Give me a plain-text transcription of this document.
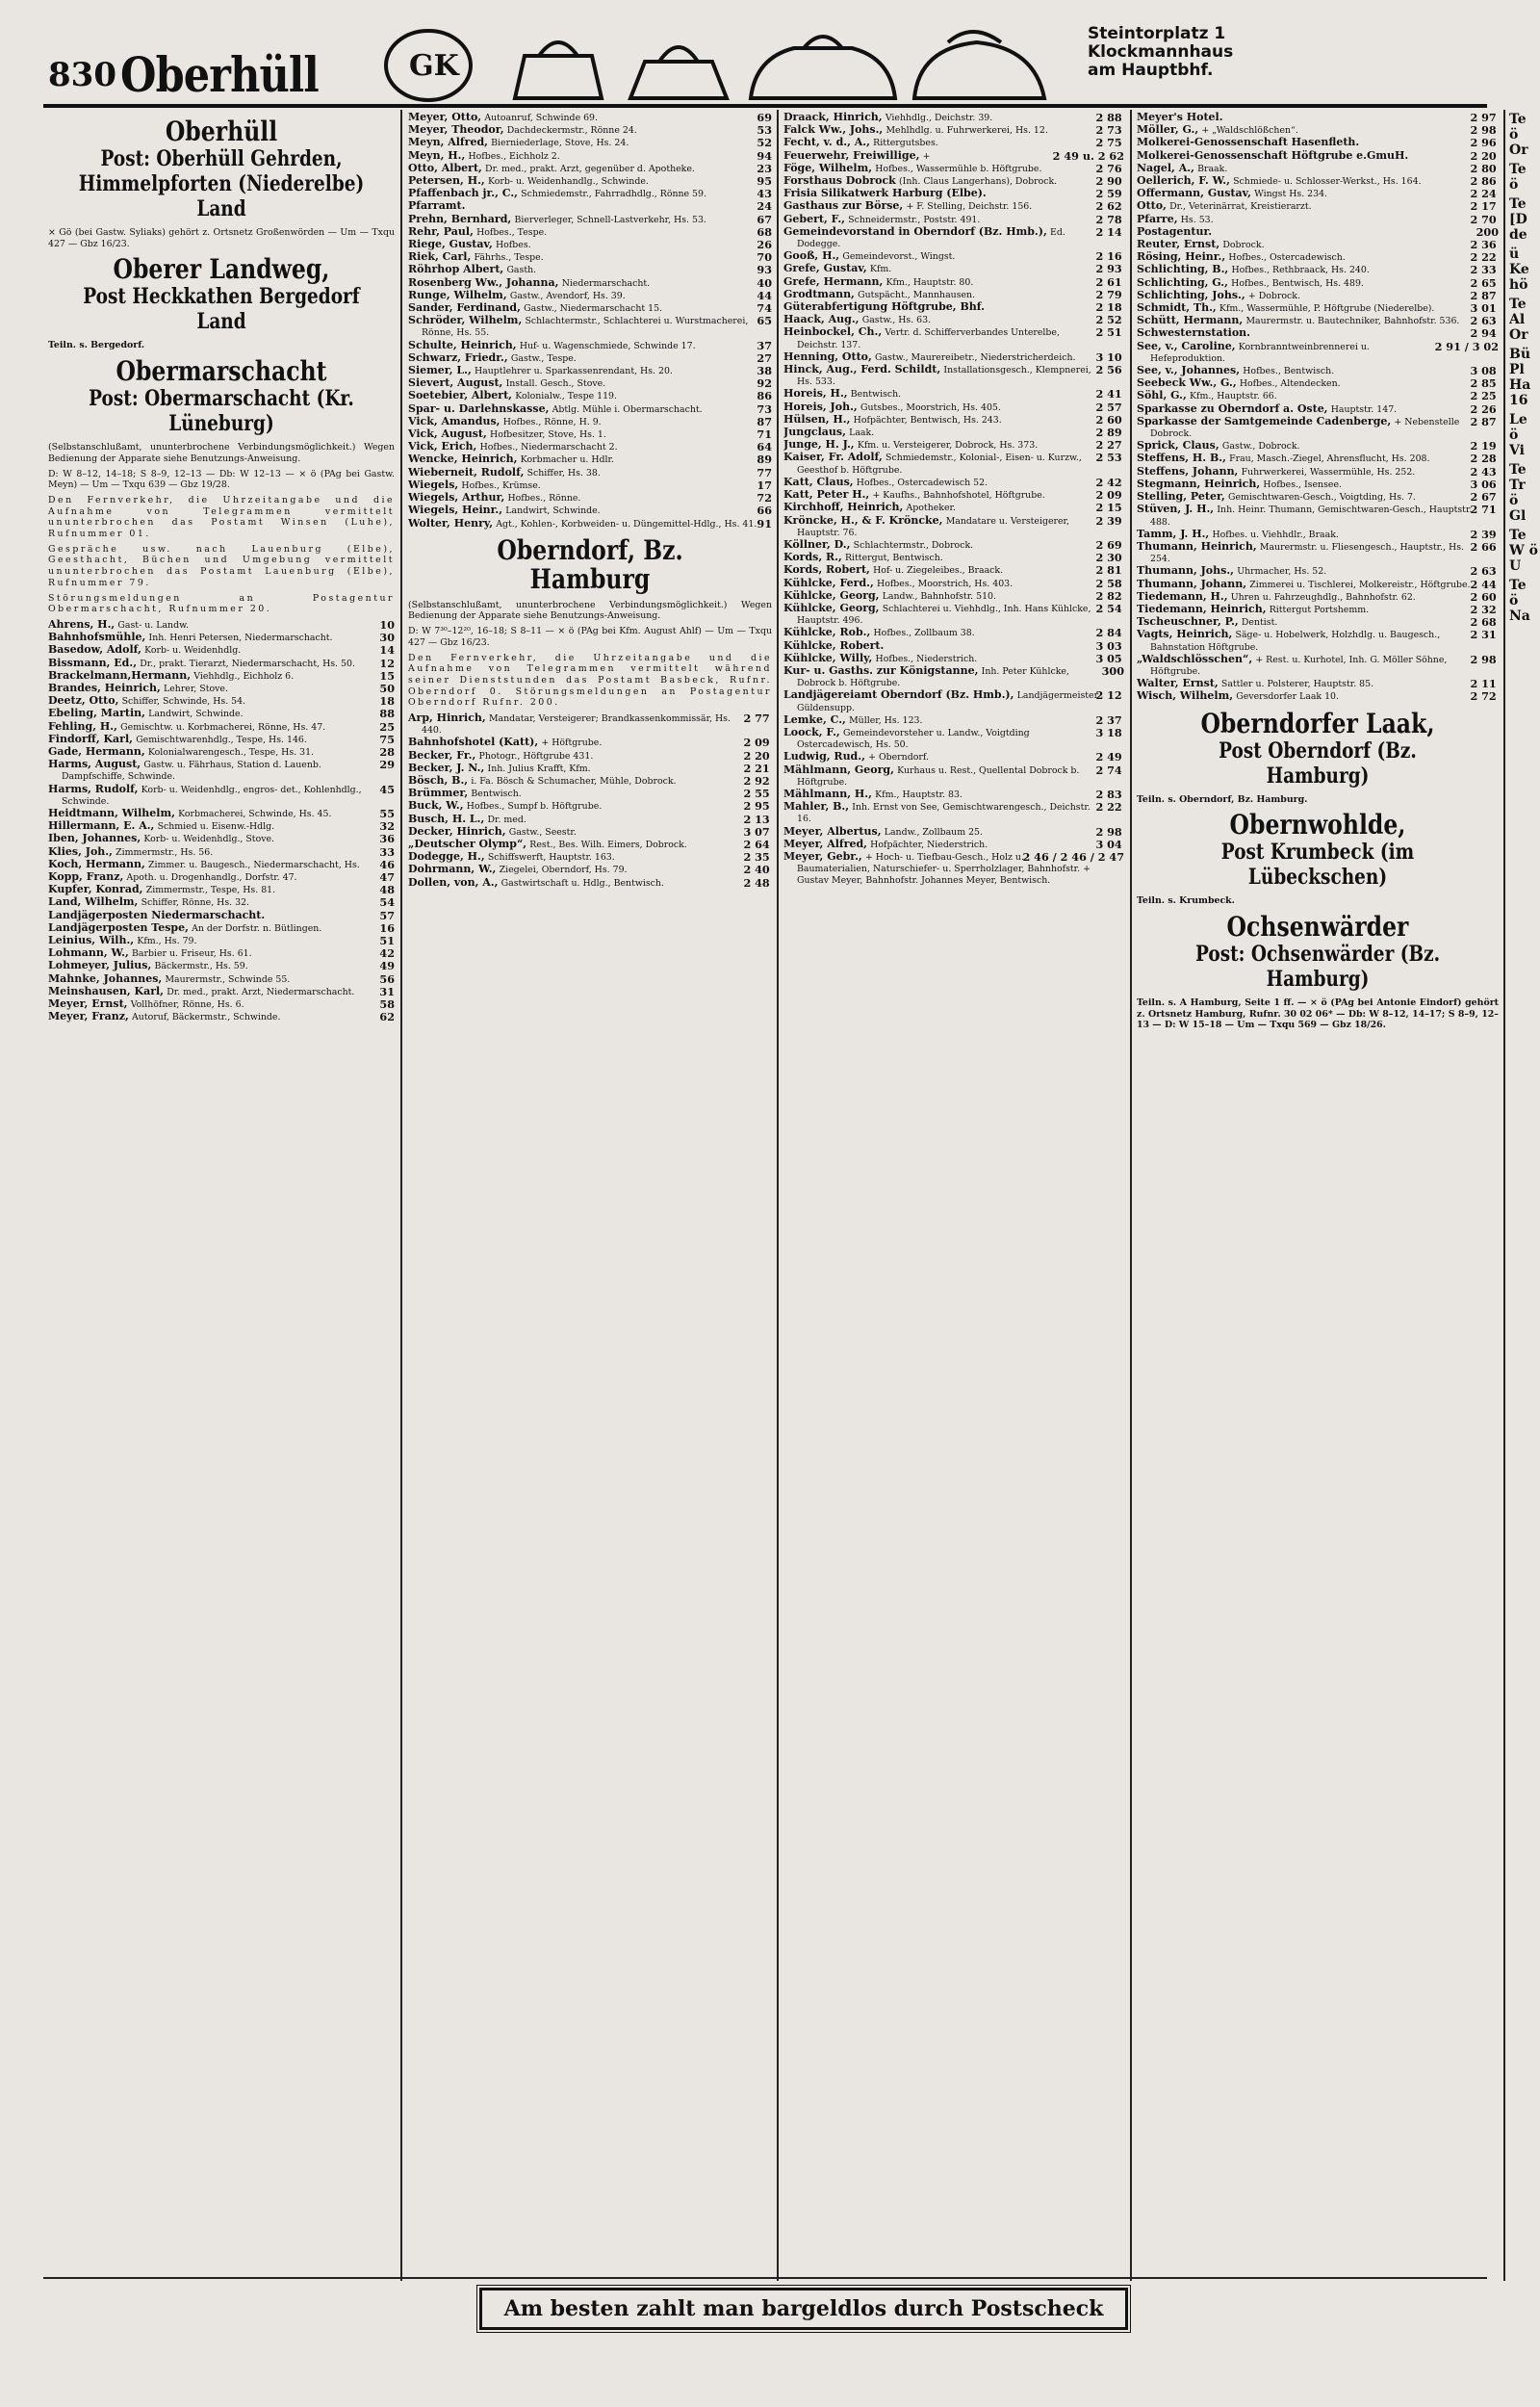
830 Oberhüll	GK
Steintorplatz 1
Klockmannhaus
am Hauptbhf.
Oberhüll
Post: Oberhüll Gehrden, Himmelpforten (Niederelbe) Land
× Gö (bei Gastw. Syliaks) gehört z. Ortsnetz Großenwörden — Um — Txqu 427 — Gbz 16/23.
Oberer Landweg,
Post Heckkathen Bergedorf Land
Teiln. s. Bergedorf.
Obermarschacht
Post: Obermarschacht (Kr. Lüneburg)
(Selbstanschlußamt, ununterbrochene Verbindungsmöglichkeit.) Wegen Bedienung der Apparate siehe Benutzungs-Anweisung.
D: W 8–12, 14–18; S 8–9, 12–13 — Db: W 12–13 — × ö (PAg bei Gastw. Meyn) — Um — Txqu 639 — Gbz 19/28.
Den Fernverkehr, die Uhrzeitangabe und die Aufnahme von Telegrammen vermittelt ununterbrochen das Postamt Winsen (Luhe), Rufnummer 01.
Gespräche usw. nach Lauenburg (Elbe), Geesthacht, Büchen und Umgebung vermittelt ununterbrochen das Postamt Lauenburg (Elbe), Rufnummer 79.
Störungsmeldungen an Postagentur Obermarschacht, Rufnummer 20.
10
Ahrens, H., Gast- u. Landw.
30
Bahnhofsmühle, Inh. Henri Petersen, Niedermarschacht.
14
Basedow, Adolf, Korb- u. Weidenhdlg.
12
Bissmann, Ed., Dr., prakt. Tierarzt, Niedermarschacht, Hs. 50.
15
Brackelmann,Hermann, Viehhdlg., Eichholz 6.
50
Brandes, Heinrich, Lehrer, Stove.
18
Deetz, Otto, Schiffer, Schwinde, Hs. 54.
88
Ebeling, Martin, Landwirt, Schwinde.
25
Fehling, H., Gemischtw. u. Korbmacherei, Rönne, Hs. 47.
75
Findorff, Karl, Gemischtwarenhdlg., Tespe, Hs. 146.
28
Gade, Hermann, Kolonialwarengesch., Tespe, Hs. 31.
29
Harms, August, Gastw. u. Fährhaus, Station d. Lauenb. Dampfschiffe, Schwinde.
45
Harms, Rudolf, Korb- u. Weidenhdlg., engros- det., Kohlenhdlg., Schwinde.
55
Heidtmann, Wilhelm, Korbmacherei, Schwinde, Hs. 45.
32
Hillermann, E. A., Schmied u. Eisenw.-Hdlg.
36
Iben, Johannes, Korb- u. Weidenhdlg., Stove.
33
Klies, Joh., Zimmermstr., Hs. 56.
46
Koch, Hermann, Zimmer. u. Baugesch., Niedermarschacht, Hs.
47
Kopp, Franz, Apoth. u. Drogenhandlg., Dorfstr. 47.
48
Kupfer, Konrad, Zimmermstr., Tespe, Hs. 81.
54
Land, Wilhelm, Schiffer, Rönne, Hs. 32.
57
Landjägerposten Niedermarschacht.
16
Landjägerposten Tespe, An der Dorfstr. n. Bütlingen.
51
Leinius, Wilh., Kfm., Hs. 79.
42
Lohmann, W., Barbier u. Friseur, Hs. 61.
49
Lohmeyer, Julius, Bäckermstr., Hs. 59.
56
Mahnke, Johannes, Maurermstr., Schwinde 55.
31
Meinshausen, Karl, Dr. med., prakt. Arzt, Niedermarschacht.
58
Meyer, Ernst, Vollhöfner, Rönne, Hs. 6.
62
Meyer, Franz, Autoruf, Bäckermstr., Schwinde.
69
Meyer, Otto, Autoanruf, Schwinde 69.
53
Meyer, Theodor, Dachdeckermstr., Rönne 24.
52
Meyn, Alfred, Bierniederlage, Stove, Hs. 24.
94
Meyn, H., Hofbes., Eichholz 2.
23
Otto, Albert, Dr. med., prakt. Arzt, gegenüber d. Apotheke.
95
Petersen, H., Korb- u. Weidenhandlg., Schwinde.
43
Pfaffenbach jr., C., Schmiedemstr., Fahrradhdlg., Rönne 59.
24
Pfarramt.
67
Prehn, Bernhard, Bierverleger, Schnell-Lastverkehr, Hs. 53.
68
Rehr, Paul, Hofbes., Tespe.
26
Riege, Gustav, Hofbes.
70
Riek, Carl, Fährhs., Tespe.
93
Röhrhop Albert, Gasth.
40
Rosenberg Ww., Johanna, Niedermarschacht.
44
Runge, Wilhelm, Gastw., Avendorf, Hs. 39.
74
Sander, Ferdinand, Gastw., Niedermarschacht 15.
65
Schröder, Wilhelm, Schlachtermstr., Schlachterei u. Wurstmacherei, Rönne, Hs. 55.
37
Schulte, Heinrich, Huf- u. Wagenschmiede, Schwinde 17.
27
Schwarz, Friedr., Gastw., Tespe.
38
Siemer, L., Hauptlehrer u. Sparkassenrendant, Hs. 20.
92
Sievert, August, Install. Gesch., Stove.
86
Soetebier, Albert, Kolonialw., Tespe 119.
73
Spar- u. Darlehnskasse, Abtlg. Mühle i. Obermarschacht.
87
Vick, Amandus, Hofbes., Rönne, H. 9.
71
Vick, August, Hofbesitzer, Stove, Hs. 1.
64
Vick, Erich, Hofbes., Niedermarschacht 2.
89
Wencke, Heinrich, Korbmacher u. Hdlr.
77
Wieberneit, Rudolf, Schiffer, Hs. 38.
17
Wiegels, Hofbes., Krümse.
72
Wiegels, Arthur, Hofbes., Rönne.
66
Wiegels, Heinr., Landwirt, Schwinde.
91
Wolter, Henry, Agt., Kohlen-, Korbweiden- u. Düngemittel-Hdlg., Hs. 41.
Oberndorf, Bz. Hamburg
(Selbstanschlußamt, ununterbrochene Verbindungsmöglichkeit.) Wegen Bedienung der Apparate siehe Benutzungs-Anweisung.
D: W 7³⁰–12²⁰, 16–18; S 8–11 — × ö (PAg bei Kfm. August Ahlf) — Um — Txqu 427 — Gbz 16/23.
Den Fernverkehr, die Uhrzeitangabe und die Aufnahme von Telegrammen vermittelt während seiner Dienststunden das Postamt Basbeck, Rufnr. Oberndorf 0. Störungsmeldungen an Postagentur Oberndorf Rufnr. 200.
2 77
Arp, Hinrich, Mandatar, Versteigerer; Brandkassenkommissär, Hs. 440.
2 09
Bahnhofshotel (Katt), + Höftgrube.
2 20
Becker, Fr., Photogr., Höftgrube 431.
2 21
Becker, J. N., Inh. Julius Krafft, Kfm.
2 92
Bösch, B., i. Fa. Bösch & Schumacher, Mühle, Dobrock.
2 55
Brümmer, Bentwisch.
2 95
Buck, W., Hofbes., Sumpf b. Höftgrube.
2 13
Busch, H. L., Dr. med.
3 07
Decker, Hinrich, Gastw., Seestr.
2 64
„Deutscher Olymp“, Rest., Bes. Wilh. Eimers, Dobrock.
2 35
Dodegge, H., Schiffswerft, Hauptstr. 163.
2 40
Dohrmann, W., Ziegelei, Oberndorf, Hs. 79.
2 48
Dollen, von, A., Gastwirtschaft u. Hdlg., Bentwisch.
2 88
Draack, Hinrich, Viehhdlg., Deichstr. 39.
2 73
Falck Ww., Johs., Mehlhdlg. u. Fuhrwerkerei, Hs. 12.
2 75
Fecht, v. d., A., Rittergutsbes.
2 49 u. 2 62
Feuerwehr, Freiwillige, +
2 76
Föge, Wilhelm, Hofbes., Wassermühle b. Höftgrube.
2 90
Forsthaus Dobrock (Inh. Claus Langerhans), Dobrock.
2 59
Frisia Silikatwerk Harburg (Elbe).
2 62
Gasthaus zur Börse, + F. Stelling, Deichstr. 156.
2 78
Gebert, F., Schneidermstr., Poststr. 491.
2 14
Gemeindevorstand in Oberndorf (Bz. Hmb.), Ed. Dodegge.
2 16
Gooß, H., Gemeindevorst., Wingst.
2 93
Grefe, Gustav, Kfm.
2 61
Grefe, Hermann, Kfm., Hauptstr. 80.
2 79
Grodtmann, Gutspächt., Mannhausen.
2 18
Güterabfertigung Höftgrube, Bhf.
2 52
Haack, Aug., Gastw., Hs. 63.
2 51
Heinbockel, Ch., Vertr. d. Schifferverbandes Unterelbe, Deichstr. 137.
3 10
Henning, Otto, Gastw., Maurereibetr., Niederstricherdeich.
2 56
Hinck, Aug., Ferd. Schildt, Installationsgesch., Klempnerei, Hs. 533.
2 41
Horeis, H., Bentwisch.
2 57
Horeis, Joh., Gutsbes., Moorstrich, Hs. 405.
2 60
Hülsen, H., Hofpächter, Bentwisch, Hs. 243.
2 89
Jungclaus, Laak.
2 27
Junge, H. J., Kfm. u. Versteigerer, Dobrock, Hs. 373.
2 53
Kaiser, Fr. Adolf, Schmiedemstr., Kolonial-, Eisen- u. Kurzw., Geesthof b. Höftgrube.
2 42
Katt, Claus, Hofbes., Ostercadewisch 52.
2 09
Katt, Peter H., + Kaufhs., Bahnhofshotel, Höftgrube.
2 15
Kirchhoff, Heinrich, Apotheker.
2 39
Kröncke, H., & F. Kröncke, Mandatare u. Versteigerer, Hauptstr. 76.
2 69
Köllner, D., Schlachtermstr., Dobrock.
2 30
Kords, R., Rittergut, Bentwisch.
2 81
Kords, Robert, Hof- u. Ziegeleibes., Braack.
2 58
Kühlcke, Ferd., Hofbes., Moorstrich, Hs. 403.
2 82
Kühlcke, Georg, Landw., Bahnhofstr. 510.
2 54
Kühlcke, Georg, Schlachterei u. Viehhdlg., Inh. Hans Kühlcke, Hauptstr. 496.
2 84
Kühlcke, Rob., Hofbes., Zollbaum 38.
3 03
Kühlcke, Robert.
3 05
Kühlcke, Willy, Hofbes., Niederstrich.
300
Kur- u. Gasths. zur Königstanne, Inh. Peter Kühlcke, Dobrock b. Höftgrube.
2 12
Landjägereiamt Oberndorf (Bz. Hmb.), Landjägermeister Güldensupp.
2 37
Lemke, C., Müller, Hs. 123.
3 18
Loock, F., Gemeindevorsteher u. Landw., Voigtding Ostercadewisch, Hs. 50.
2 49
Ludwig, Rud., + Oberndorf.
2 74
Mählmann, Georg, Kurhaus u. Rest., Quellental Dobrock b. Höftgrube.
2 83
Mählmann, H., Kfm., Hauptstr. 83.
2 22
Mahler, B., Inh. Ernst von See, Gemischtwarengesch., Deichstr. 16.
2 98
Meyer, Albertus, Landw., Zollbaum 25.
3 04
Meyer, Alfred, Hofpächter, Niederstrich.
2 46 / 2 46 / 2 47
Meyer, Gebr., + Hoch- u. Tiefbau-Gesch., Holz u. Baumaterialien, Naturschiefer- u. Sperrholzlager, Bahnhofstr. + Gustav Meyer, Bahnhofstr. Johannes Meyer, Bentwisch.
2 97
Meyer's Hotel.
2 98
Möller, G., + „Waldschlößchen“.
2 96
Molkerei-Genossenschaft Hasenfleth.
2 20
Molkerei-Genossenschaft Höftgrube e.GmuH.
2 80
Nagel, A., Braak.
2 86
Oellerich, F. W., Schmiede- u. Schlosser-Werkst., Hs. 164.
2 24
Offermann, Gustav, Wingst Hs. 234.
2 17
Otto, Dr., Veterinärrat, Kreistierarzt.
2 70
Pfarre, Hs. 53.
200
Postagentur.
2 36
Reuter, Ernst, Dobrock.
2 22
Rösing, Heinr., Hofbes., Ostercadewisch.
2 33
Schlichting, B., Hofbes., Rethbraack, Hs. 240.
2 65
Schlichting, G., Hofbes., Bentwisch, Hs. 489.
2 87
Schlichting, Johs., + Dobrock.
3 01
Schmidt, Th., Kfm., Wassermühle, P. Höftgrube (Niederelbe).
2 63
Schütt, Hermann, Maurermstr. u. Bautechniker, Bahnhofstr. 536.
2 94
Schwesternstation.
2 91 / 3 02
See, v., Caroline, Kornbranntweinbrennerei u. Hefeproduktion.
3 08
See, v., Johannes, Hofbes., Bentwisch.
2 85
Seebeck Ww., G., Hofbes., Altendecken.
2 25
Söhl, G., Kfm., Hauptstr. 66.
2 26
Sparkasse zu Oberndorf a. Oste, Hauptstr. 147.
2 87
Sparkasse der Samtgemeinde Cadenberge, + Nebenstelle Dobrock.
2 19
Sprick, Claus, Gastw., Dobrock.
2 28
Steffens, H. B., Frau, Masch.-Ziegel, Ahrensflucht, Hs. 208.
2 43
Steffens, Johann, Fuhrwerkerei, Wassermühle, Hs. 252.
3 06
Stegmann, Heinrich, Hofbes., Isensee.
2 67
Stelling, Peter, Gemischtwaren-Gesch., Voigtding, Hs. 7.
2 71
Stüven, J. H., Inh. Heinr. Thumann, Gemischtwaren-Gesch., Hauptstr. 488.
2 39
Tamm, J. H., Hofbes. u. Viehhdlr., Braak.
2 66
Thumann, Heinrich, Maurermstr. u. Fliesengesch., Hauptstr., Hs. 254.
2 63
Thumann, Johs., Uhrmacher, Hs. 52.
2 44
Thumann, Johann, Zimmerei u. Tischlerei, Molkereistr., Höftgrube.
2 60
Tiedemann, H., Uhren u. Fahrzeughdlg., Bahnhofstr. 62.
2 32
Tiedemann, Heinrich, Rittergut Portshemm.
2 68
Tscheuschner, P., Dentist.
2 31
Vagts, Heinrich, Säge- u. Hobelwerk, Holzhdlg. u. Baugesch., Bahnstation Höftgrube.
2 98
„Waldschlösschen“, + Rest. u. Kurhotel, Inh. G. Möller Söhne, Höftgrube.
2 11
Walter, Ernst, Sattler u. Polsterer, Hauptstr. 85.
2 72
Wisch, Wilhelm, Geversdorfer Laak 10.
Oberndorfer Laak,
Post Oberndorf (Bz. Hamburg)
Teiln. s. Oberndorf, Bz. Hamburg.
Obernwohlde,
Post Krumbeck (im Lübeckschen)
Teiln. s. Krumbeck.
Ochsenwärder
Post: Ochsenwärder (Bz. Hamburg)
Teiln. s. A Hamburg, Seite 1 ff. — × ö (PAg bei Antonie Eindorf) gehört z. Ortsnetz Hamburg, Rufnr. 30 02 06* — Db: W 8–12, 14–17; S 8–9, 12–13 — D: W 15–18 — Um — Txqu 569 — Gbz 18/26.
Te ö Or
Te ö
Te [D de
ü Ke hö
Te Al Or
Bü Pl Ha 16
Le ö Vi
Te Tr ö Gl
Te W ö U
Te ö Na
Am besten zahlt man bargeldlos durch Postscheck
